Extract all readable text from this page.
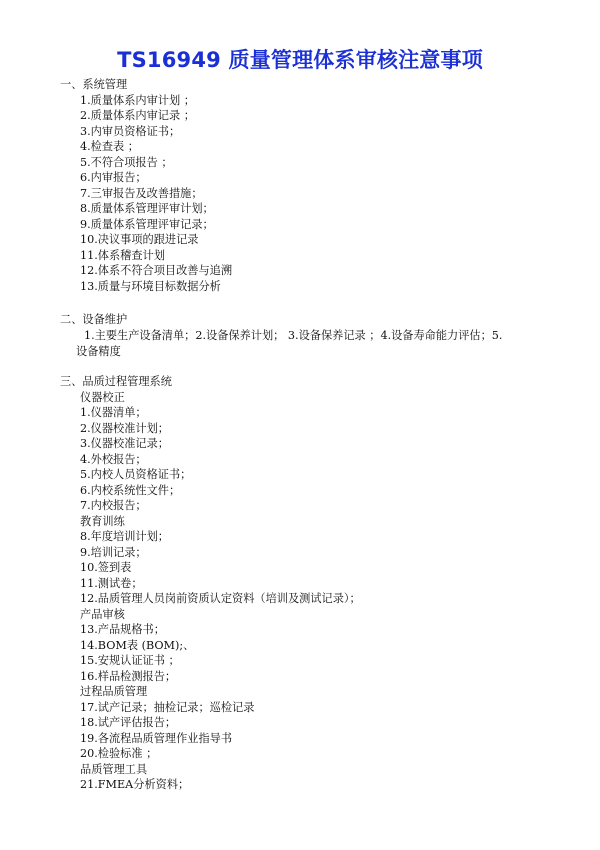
TS16949 质量管理体系审核注意事项
一、系统管理
1.质量体系内审计划 ；
2.质量体系内审记录 ；
3.内审员资格证书；
4.检查表 ；
5.不符合项报告 ；
6.内审报告；
7.三审报告及改善措施；
8.质量体系管理评审计划；
9.质量体系管理评审记录；
10.决议事项的跟进记录
11.体系稽查计划
12.体系不符合项目改善与追溯
13.质量与环境目标数据分析
二、设备维护
1.主要生产设备清单；2.设备保养计划； 3.设备保养记录 ；4.设备寿命能力评估；5.
设备精度
三、品质过程管理系统
仪器校正
1.仪器清单；
2.仪器校准计划；
3.仪器校准记录；
4.外校报告；
5.内校人员资格证书；
6.内校系统性文件；
7.内校报告；
教育训练
8.年度培训计划；
9.培训记录；
10.签到表
11.测试卷；
12.品质管理人员岗前资质认定资料（培训及测试记录）；
产品审核
13.产品规格书；
14.BOM表 (BOM);、
15.安规认证证书 ；
16.样品检测报告；
过程品质管理
17.试产记录；抽检记录；巡检记录
18.试产评估报告；
19.各流程品质管理作业指导书
20.检验标准 ；
品质管理工具
21.FMEA分析资料；
